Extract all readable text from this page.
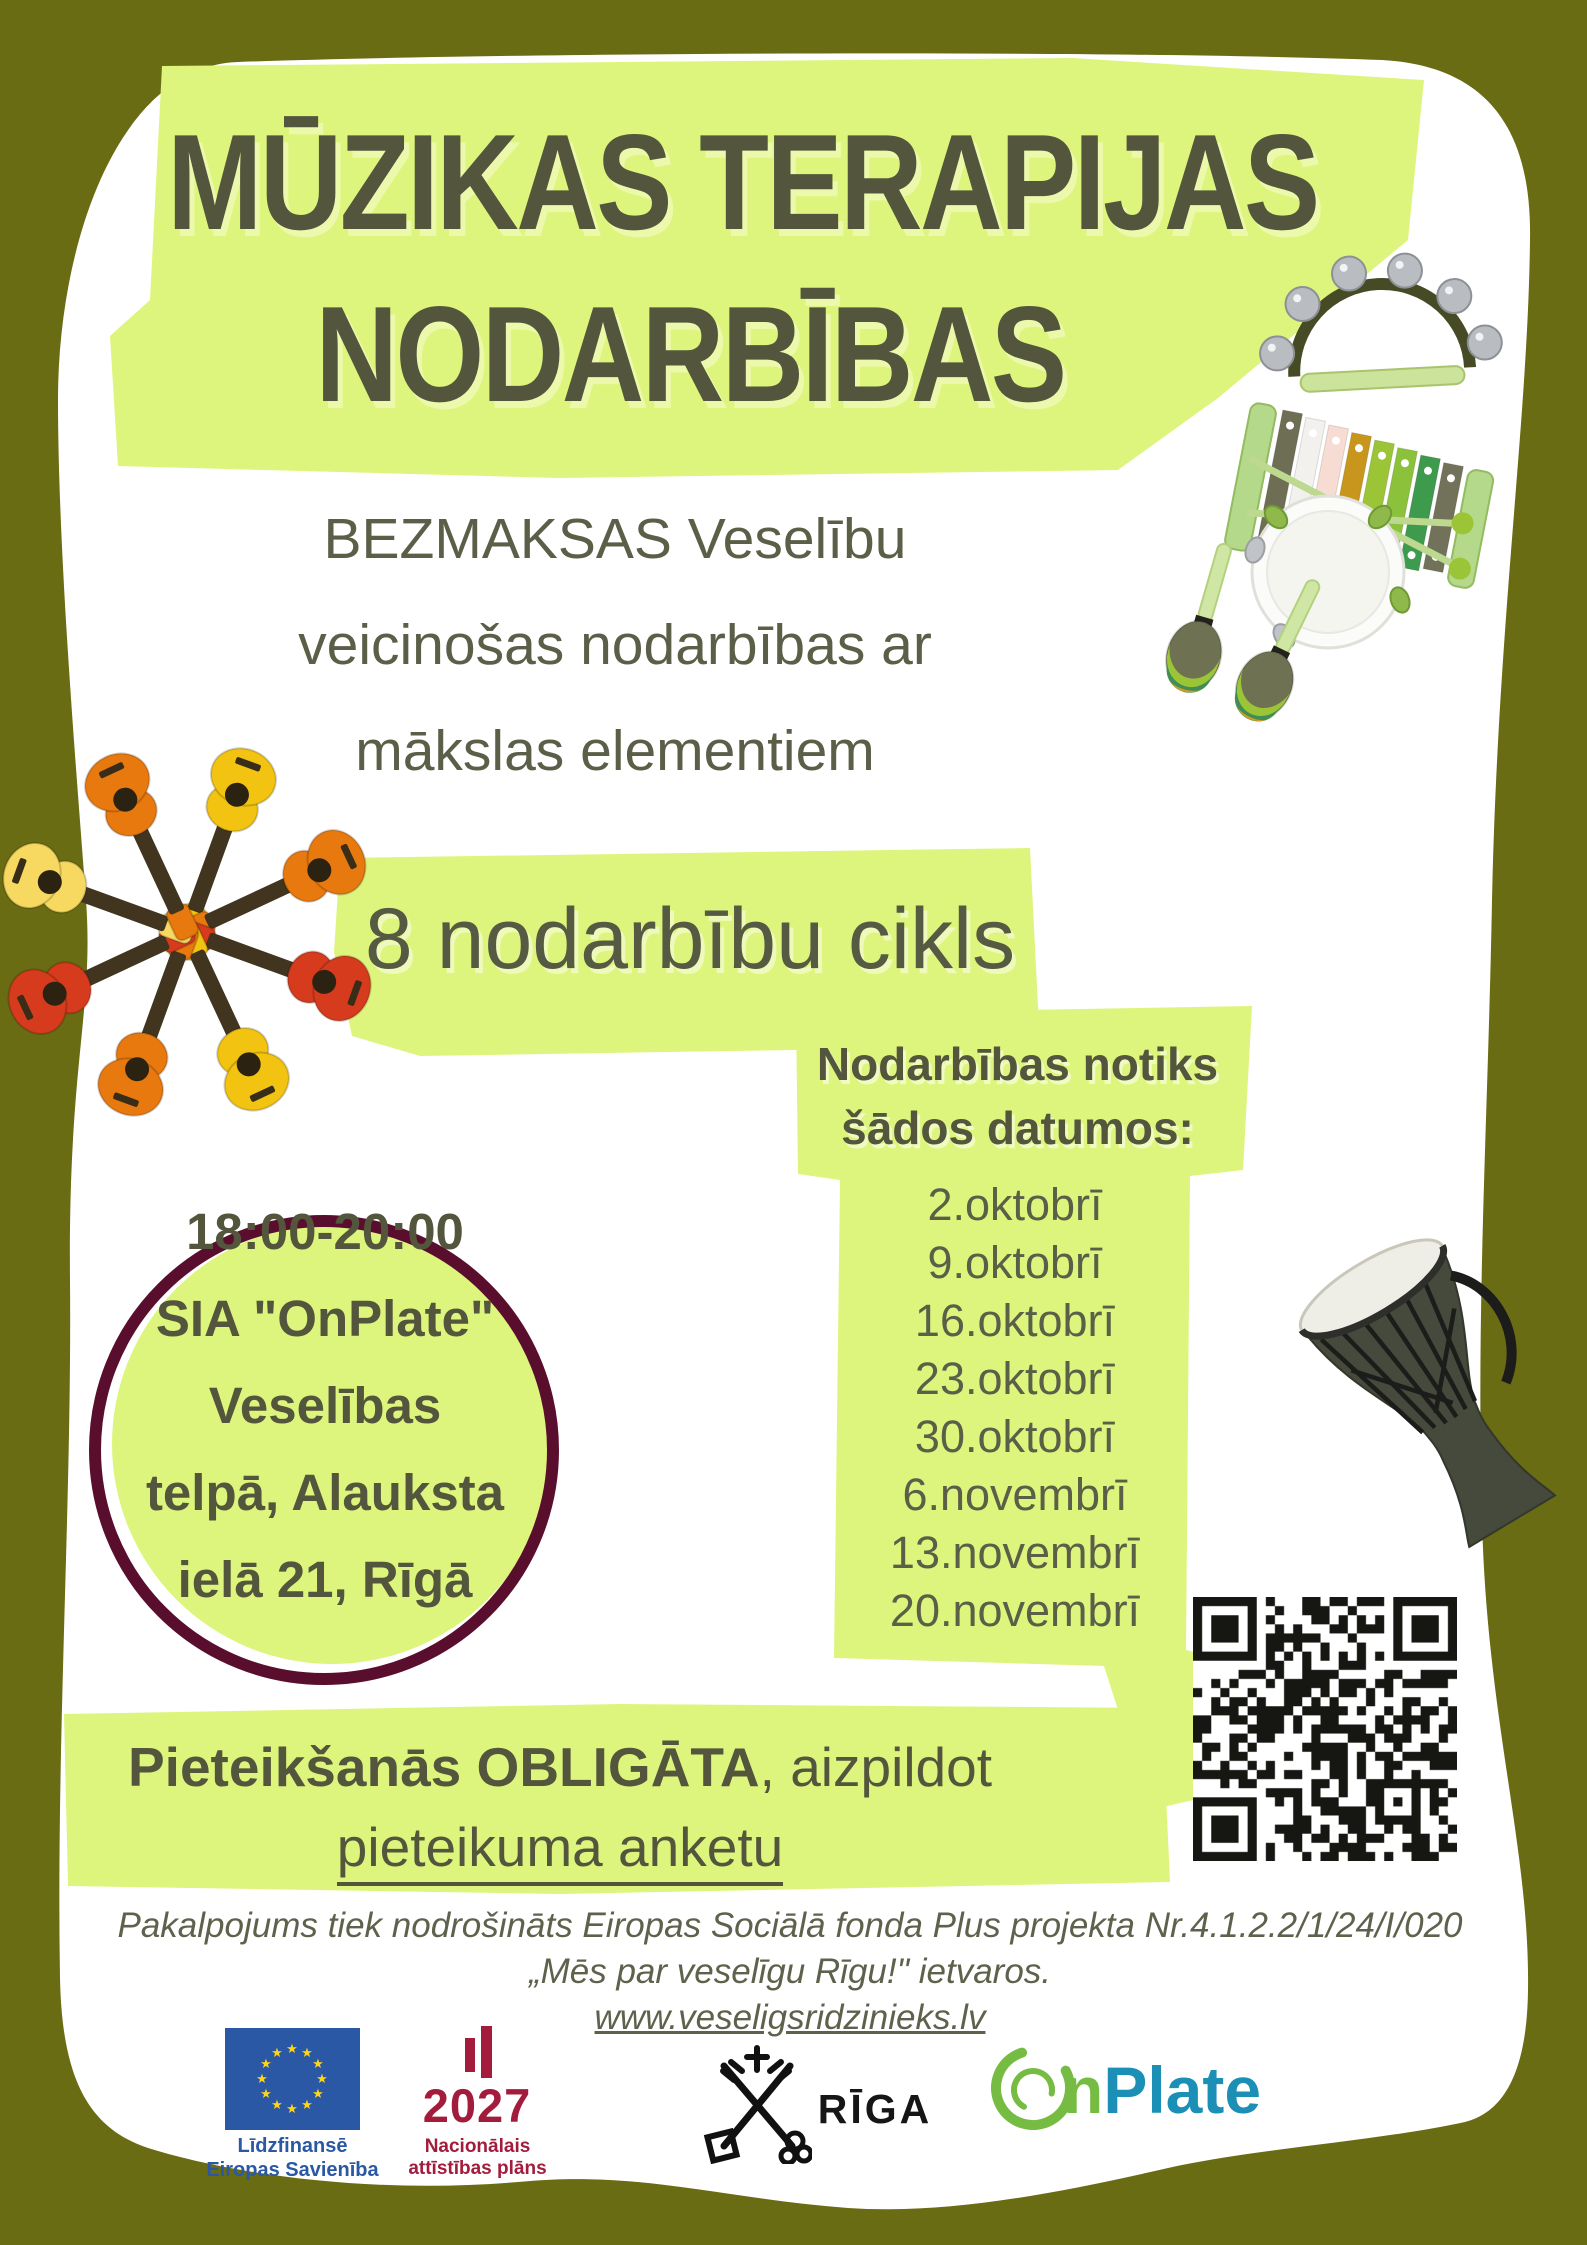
MŪZIKAS TERAPIJAS
NODARBĪBAS
BEZMAKSAS Veselību
veicinošas nodarbības ar
mākslas elementiem
8 nodarbību cikls
18:00-20:00
SIA "OnPlate"
Veselības
telpā, Alauksta
ielā 21, Rīgā
Nodarbības notiks
šādos datumos:
2.oktobrī
9.oktobrī
16.oktobrī
23.oktobrī
30.oktobrī
6.novembrī
13.novembrī
20.novembrī
Pieteikšanās OBLIGĀTA, aizpildot
pieteikuma anketu
Pakalpojums tiek nodrošināts Eiropas Sociālā fonda Plus projekta Nr.4.1.2.2/1/24/I/020
„Mēs par veselīgu Rīgu!" ietvaros.
www.veseligsridzinieks.lv
★ ★
★
★
★
★
★
★
★
★
★
★
Līdzfinansē
Eiropas Savienība
2027
Nacionālais
attīstības plāns
RĪGA nPlate
